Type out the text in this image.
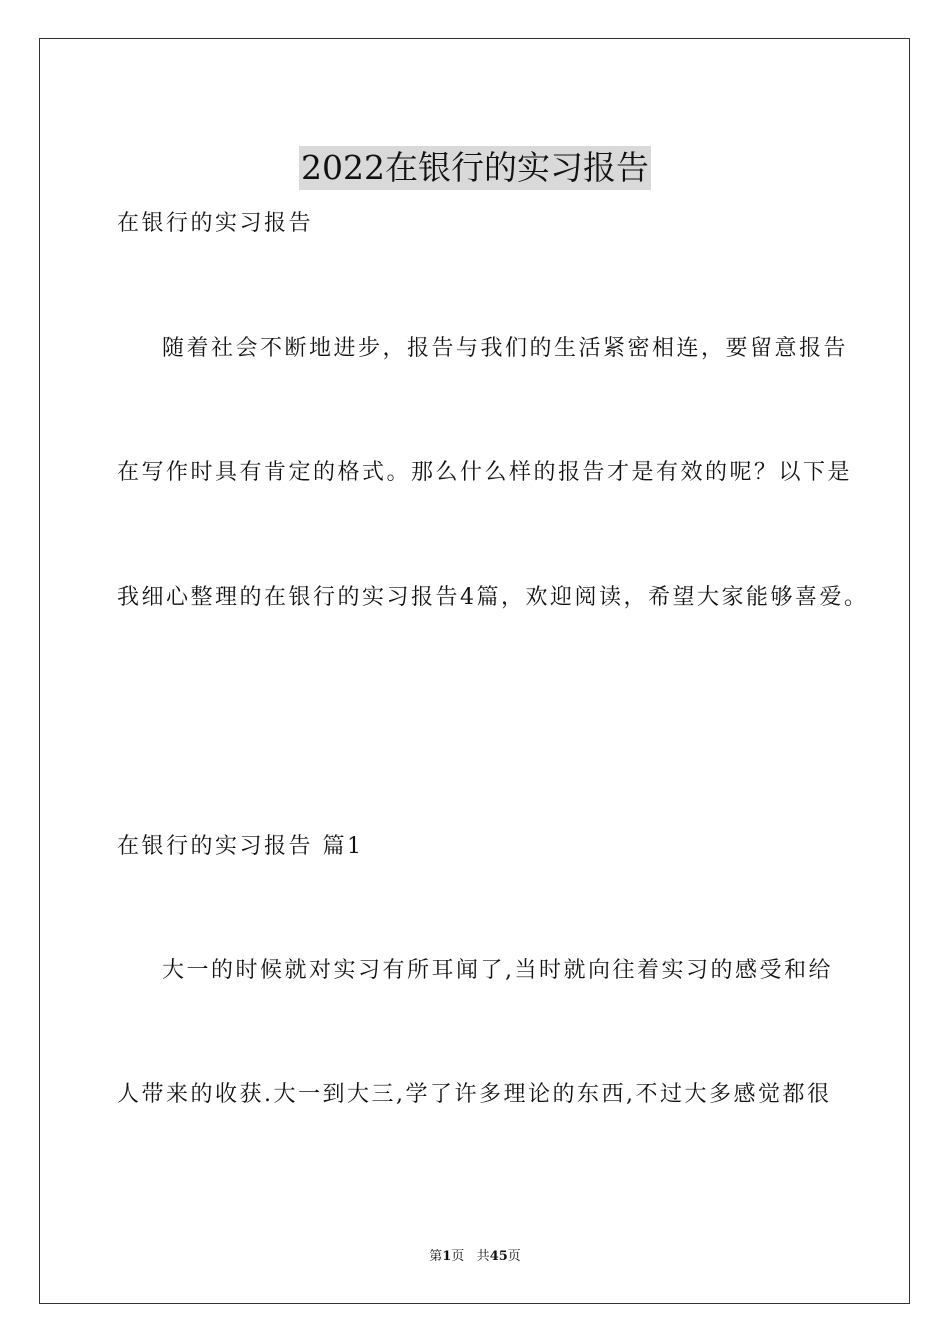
2022在银行的实习报告
在银行的实习报告
随着社会不断地进步，报告与我们的生活紧密相连，要留意报告
在写作时具有肯定的格式。那么什么样的报告才是有效的呢？以下是
我细心整理的在银行的实习报告4篇，欢迎阅读，希望大家能够喜爱。
在银行的实习报告 篇1
大一的时候就对实习有所耳闻了,当时就向往着实习的感受和给
人带来的收获.大一到大三,学了许多理论的东西,不过大多感觉都很
第1页 共45页
